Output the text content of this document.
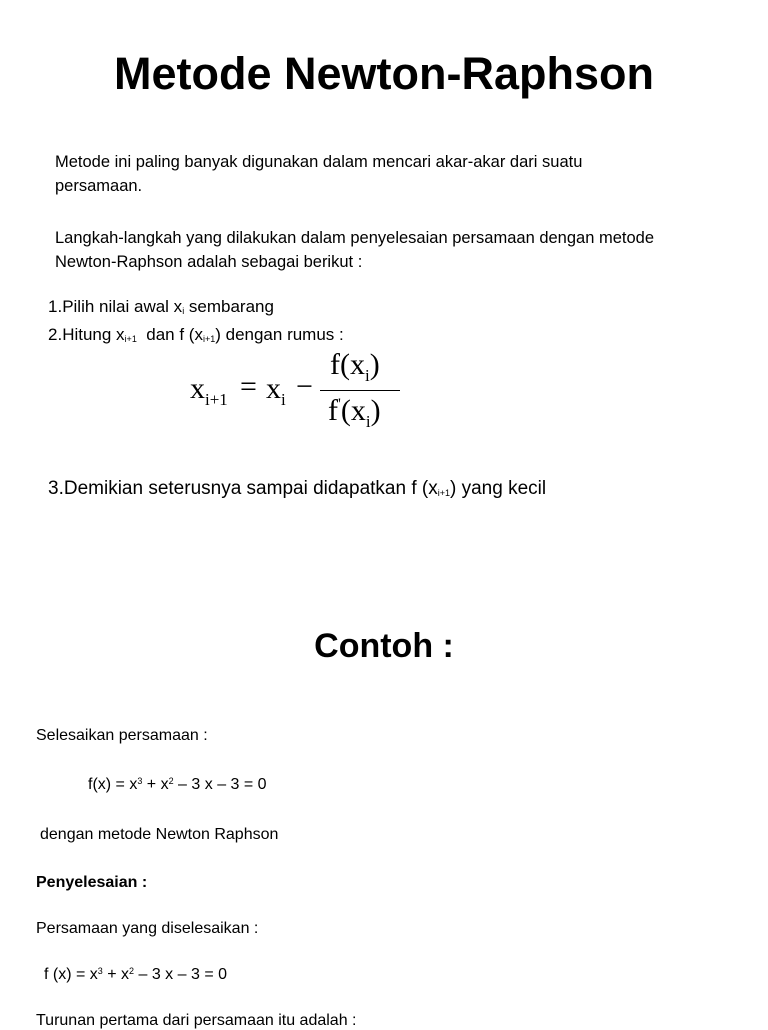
Metode Newton-Raphson
Metode ini paling banyak digunakan dalam mencari akar-akar dari suatu
persamaan.
Langkah-langkah yang dilakukan dalam penyelesaian persamaan dengan metode
Newton-Raphson adalah sebagai berikut :
1.Pilih nilai awal $x_i$ sembarang
2.Hitung $x_{i+1}$  dan f $(x_{i+1})$ dengan rumus :
$x_{i+1} = x_i$ −
$f(x_i)$
$f'(x_i)$
3.Demikian seterusnya sampai didapatkan f $(x_{i+1})$ yang kecil
Contoh :
Selesaikan persamaan :
$f(x) = x^3 + x^2 - 3$ x – 3 = 0
dengan metode Newton Raphson
Penyelesaian :
Persamaan yang diselesaikan :
f $(x) = x^3 + x^2 - 3$ x – 3 = 0
Turunan pertama dari persamaan itu adalah :
